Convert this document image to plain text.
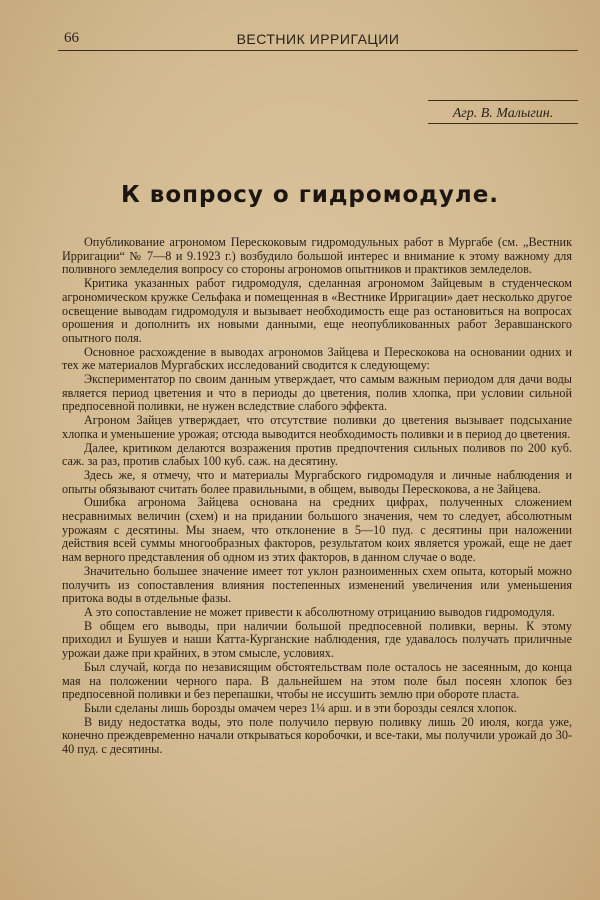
66	ВЕСТНИК ИРРИГАЦИИ
Агр. В. Малыгин.
К вопросу о гидромодуле.

Опубликование агрономом Перескоковым гидромодульных работ в Мургабе (см. „Вестник Ирригации“ № 7—8 и 9.1923 г.) возбудило большой интерес и внимание к этому важному для поливного земледелия вопросу со стороны агрономов опытников и практиков земледелов.

Критика указанных работ гидромодуля, сделанная агрономом Зайцевым в студенческом агрономическом кружке Сельфака и помещенная в «Вестнике Ирригации» дает несколько другое освещение выводам гидромодуля и вызывает необходимость еще раз остановиться на вопросах орошения и дополнить их новыми данными, еще неопубликованных работ Зеравшанского опытного поля.

Основное расхождение в выводах агрономов Зайцева и Перескокова на основании одних и тех же материалов Мургабских исследований сводится к следующему:

Экспериментатор по своим данным утверждает, что самым важным периодом для дачи воды является период цветения и что в периоды до цветения, полив хлопка, при условии сильной предпосевной поливки, не нужен вследствие слабого эффекта.

Агроном Зайцев утверждает, что отсутствие поливки до цветения вызывает подсыхание хлопка и уменьшение урожая; отсюда выводится необходимость поливки и в период до цветения.

Далее, критиком делаются возражения против предпочтения сильных поливов по 200 куб. саж. за раз, против слабых 100 куб. саж. на десятину.

Здесь же, я отмечу, что и материалы Мургабского гидромодуля и личные наблюдения и опыты обязывают считать более правильными, в общем, выводы Перескокова, а не Зайцева.

Ошибка агронома Зайцева основана на средних цифрах, полученных сложением несравнимых величин (схем) и на придании большого значения, чем то следует, абсолютным урожаям с десятины. Мы знаем, что отклонение в 5—10 пуд. с десятины при наложении действия всей суммы многообразных факторов, результатом коих является урожай, еще не дает нам верного представления об одном из этих факторов, в данном случае о воде.

Значительно большее значение имеет тот уклон разноименных схем опыта, который можно получить из сопоставления влияния постепенных изменений увеличения или уменьшения притока воды в отдельные фазы.

А это сопоставление не может привести к абсолютному отрицанию выводов гидромодуля.

В общем его выводы, при наличии большой предпосевной поливки, верны. К этому приходил и Бушуев и наши Катта-Курганские наблюдения, где удавалось получать приличные урожаи даже при крайних, в этом смысле, условиях.

Был случай, когда по независящим обстоятельствам поле осталось не засеянным, до конца мая на положении черного пара. В дальнейшем на этом поле был посеян хлопок без предпосевной поливки и без перепашки, чтобы не иссушить землю при обороте пласта.

Были сделаны лишь борозды омачем через 1¼ арш. и в эти борозды сеялся хлопок.

В виду недостатка воды, это поле получило первую поливку лишь 20 июля, когда уже, конечно преждевременно начали открываться коробочки, и все-таки, мы получили урожай до 30-40 пуд. с десятины.
